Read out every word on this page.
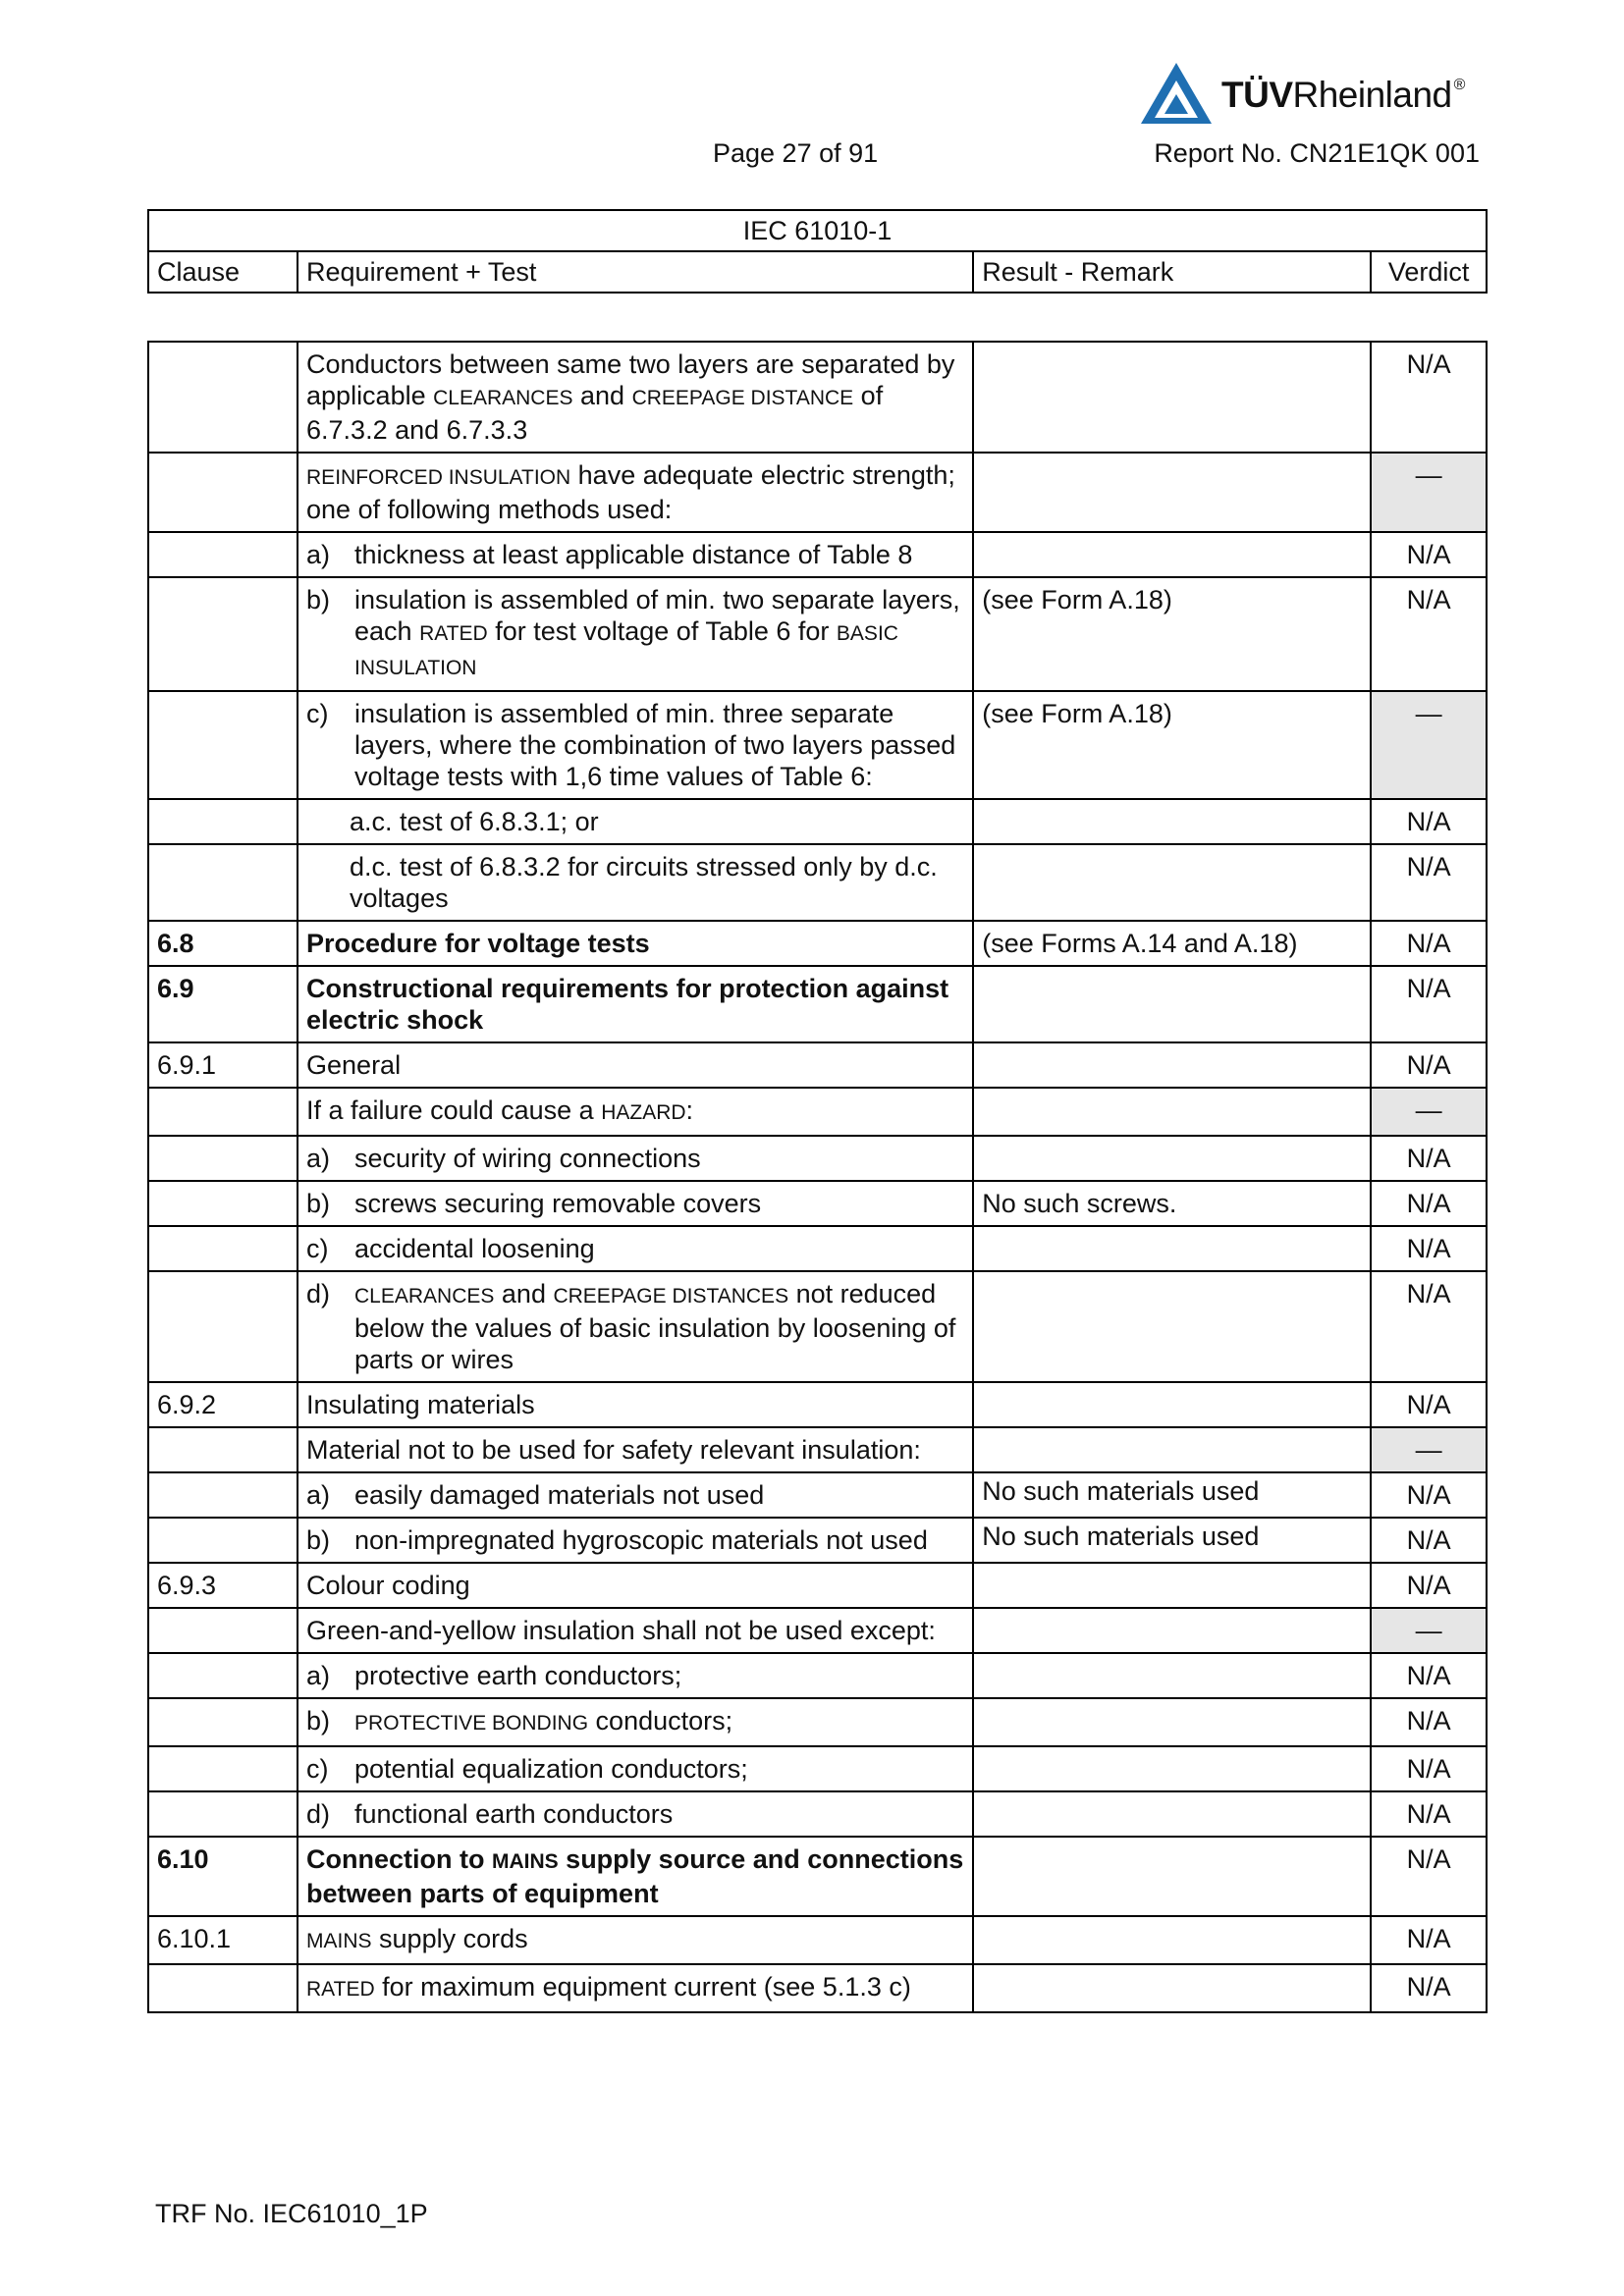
TÜVRheinland ®
Page 27 of 91	Report No. CN21E1QK 001
IEC 61010-1
Clause	Requirement + Test	Result - Remark	Verdict
	Conductors between same two layers are separated by applicable CLEARANCES and CREEPAGE DISTANCE of 6.7.3.2 and 6.7.3.3		N/A
	REINFORCED INSULATION have adequate electric strength; one of following methods used:		—

	a) thickness at least applicable distance of Table 8		N/A

	b) insulation is assembled of min. two separate layers, each RATED for test voltage of Table 6 for BASIC INSULATION	(see Form A.18)	N/A

	c) insulation is assembled of min. three separate layers, where the combination of two layers passed voltage tests with 1,6 time values of Table 6:	(see Form A.18)	—

	a.c. test of 6.8.3.1; or		N/A

	d.c. test of 6.8.3.2 for circuits stressed only by d.c. voltages		N/A
6.8	Procedure for voltage tests	(see Forms A.14 and A.18)	N/A
6.9	Constructional requirements for protection against electric shock		N/A
6.9.1	General		N/A
	If a failure could cause a HAZARD:		—

	a) security of wiring connections		N/A

	b) screws securing removable covers	No such screws.	N/A

	c) accidental loosening		N/A

	d) CLEARANCES and CREEPAGE DISTANCES not reduced below the values of basic insulation by loosening of parts or wires		N/A
6.9.2	Insulating materials		N/A
	Material not to be used for safety relevant insulation:		—

	a) easily damaged materials not used	No such materials used	N/A

	b) non-impregnated hygroscopic materials not used	No such materials used	N/A
6.9.3	Colour coding		N/A
	Green-and-yellow insulation shall not be used except:		—

	a) protective earth conductors;		N/A

	b) PROTECTIVE BONDING conductors;		N/A

	c) potential equalization conductors;		N/A

	d) functional earth conductors		N/A
6.10	Connection to MAINS supply source and connections between parts of equipment		N/A
6.10.1	MAINS supply cords		N/A
	RATED for maximum equipment current (see 5.1.3 c)		N/A
TRF No. IEC61010_1P
